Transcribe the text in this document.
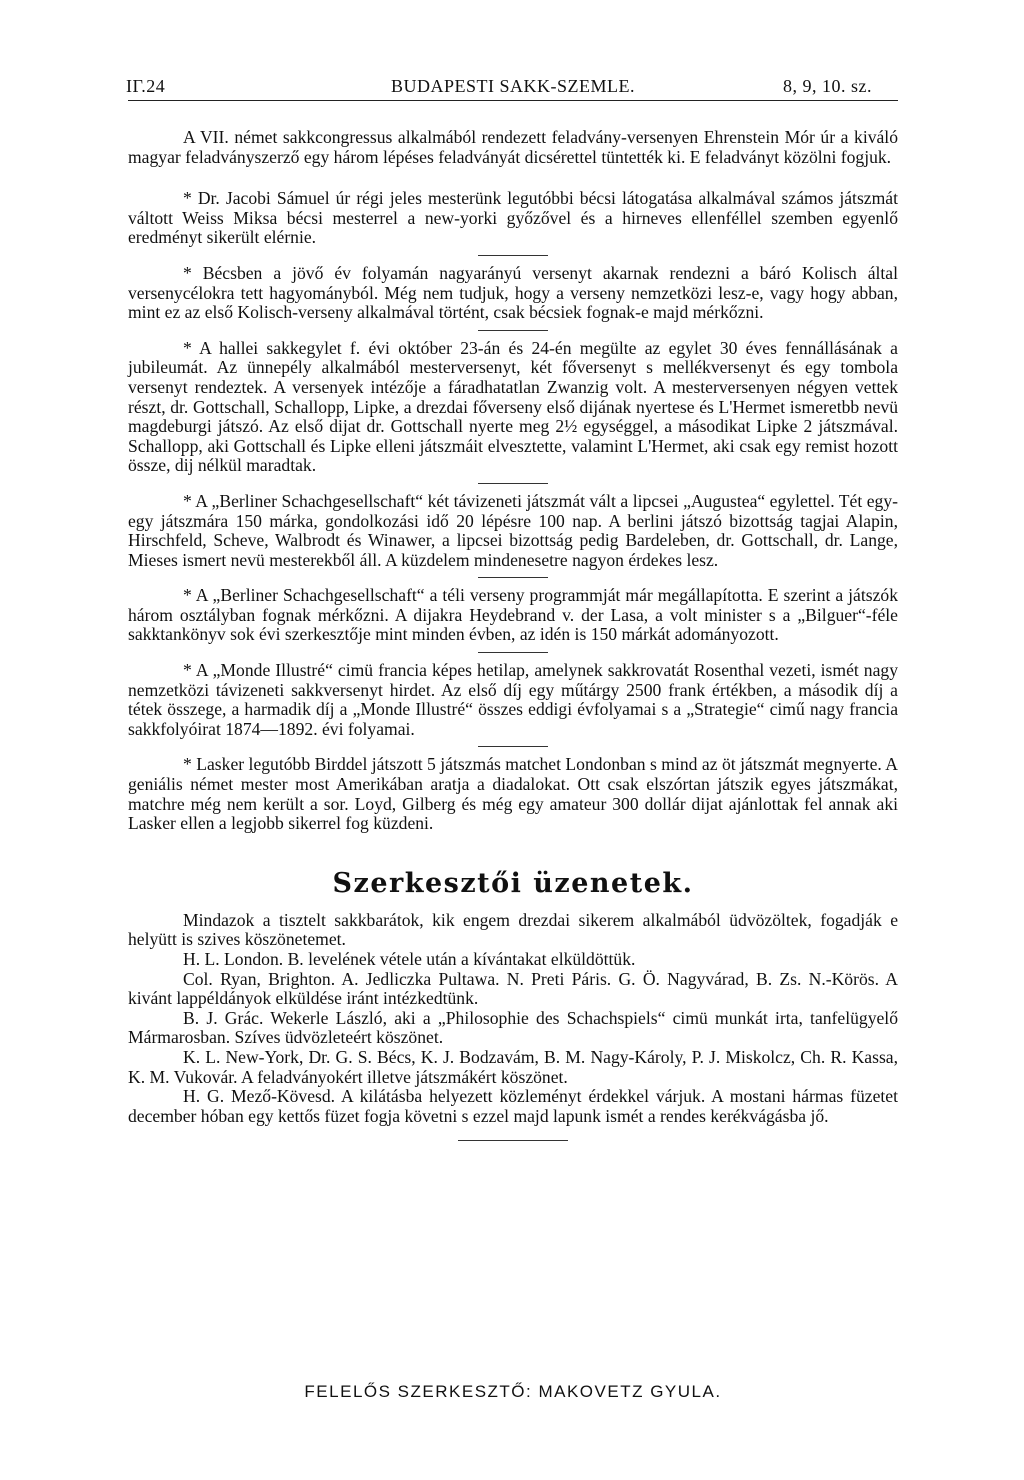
ΙΓ.24	BUDAPESTI SAKK-SZEMLE.	8, 9, 10. sz.

A VII. német sakkcongressus alkalmából rendezett feladvány-versenyen Ehrenstein Mór úr a kiváló magyar feladványszerző egy három lépéses feladványát dicsérettel tüntették ki. E feladványt közölni fogjuk.

* Dr. Jacobi Sámuel úr régi jeles mesterünk legutóbbi bécsi látogatása alkalmával számos játszmát váltott Weiss Miksa bécsi mesterrel a new-yorki győzővel és a hirneves ellenféllel szemben egyenlő eredményt sikerült elérnie.

* Bécsben a jövő év folyamán nagyarányú versenyt akarnak rendezni a báró Kolisch által versenycélokra tett hagyományból. Még nem tudjuk, hogy a verseny nemzetközi lesz-e, vagy hogy abban, mint ez az első Kolisch-verseny alkalmával történt, csak bécsiek fognak-e majd mérkőzni.

* A hallei sakkegylet f. évi október 23-án és 24-én megülte az egylet 30 éves fennállásának a jubileumát. Az ünnepély alkalmából mesterversenyt, két főversenyt s mellékversenyt és egy tombola versenyt rendeztek. A versenyek intézője a fáradhatatlan Zwanzig volt. A mesterversenyen négyen vettek részt, dr. Gottschall, Schallopp, Lipke, a drezdai főverseny első dijának nyertese és L'Hermet ismeretbb nevü magdeburgi játszó. Az első dijat dr. Gottschall nyerte meg 2½ egységgel, a másodikat Lipke 2 játszmával. Schallopp, aki Gottschall és Lipke elleni játszmáit elvesztette, valamint L'Hermet, aki csak egy remist hozott össze, dij nélkül maradtak.

* A „Berliner Schachgesellschaft“ két távizeneti játszmát vált a lipcsei „Augustea“ egylettel. Tét egy-egy játszmára 150 márka, gondolkozási idő 20 lépésre 100 nap. A berlini játszó bizottság tagjai Alapin, Hirschfeld, Scheve, Walbrodt és Winawer, a lipcsei bizottság pedig Bardeleben, dr. Gottschall, dr. Lange, Mieses ismert nevü mesterekből áll. A küzdelem mindenesetre nagyon érdekes lesz.

* A „Berliner Schachgesellschaft“ a téli verseny programmját már megállapította. E szerint a játszók három osztályban fognak mérkőzni. A dijakra Heydebrand v. der Lasa, a volt minister s a „Bilguer“-féle sakktankönyv sok évi szerkesztője mint minden évben, az idén is 150 márkát adományozott.

* A „Monde Illustré“ cimü francia képes hetilap, amelynek sakkrovatát Rosenthal vezeti, ismét nagy nemzetközi távizeneti sakkversenyt hirdet. Az első díj egy műtárgy 2500 frank értékben, a második díj a tétek összege, a harmadik díj a „Monde Illustré“ összes eddigi évfolyamai s a „Strategie“ cimű nagy francia sakkfolyóirat 1874—1892. évi folyamai.

* Lasker legutóbb Birddel játszott 5 játszmás matchet Londonban s mind az öt játszmát megnyerte. A geniális német mester most Amerikában aratja a diadalokat. Ott csak elszórtan játszik egyes játszmákat, matchre még nem került a sor. Loyd, Gilberg és még egy amateur 300 dollár dijat ajánlottak fel annak aki Lasker ellen a legjobb sikerrel fog küzdeni.

Szerkesztői üzenetek.

Mindazok a tisztelt sakkbarátok, kik engem drezdai sikerem alkalmából üdvözöltek, fogadják e helyütt is szives köszönetemet.

H. L. London. B. levelének vétele után a kívántakat elküldöttük.

Col. Ryan, Brighton. A. Jedliczka Pultawa. N. Preti Páris. G. Ö. Nagyvárad, B. Zs. N.-Körös. A kivánt lappéldányok elküldése iránt intézkedtünk.

B. J. Grác. Wekerle László, aki a „Philosophie des Schachspiels“ cimü munkát irta, tanfelügyelő Mármarosban. Szíves üdvözleteért köszönet.

K. L. New-York, Dr. G. S. Bécs, K. J. Bodzavám, B. M. Nagy-Károly, P. J. Miskolcz, Ch. R. Kassa, K. M. Vukovár. A feladványokért illetve játszmákért köszönet.

H. G. Mező-Kövesd. A kilátásba helyezett közleményt érdekkel várjuk. A mostani hármas füzetet december hóban egy kettős füzet fogja követni s ezzel majd lapunk ismét a rendes kerékvágásba jő.

FELELŐS SZERKESZTŐ: MAKOVETZ GYULA.
